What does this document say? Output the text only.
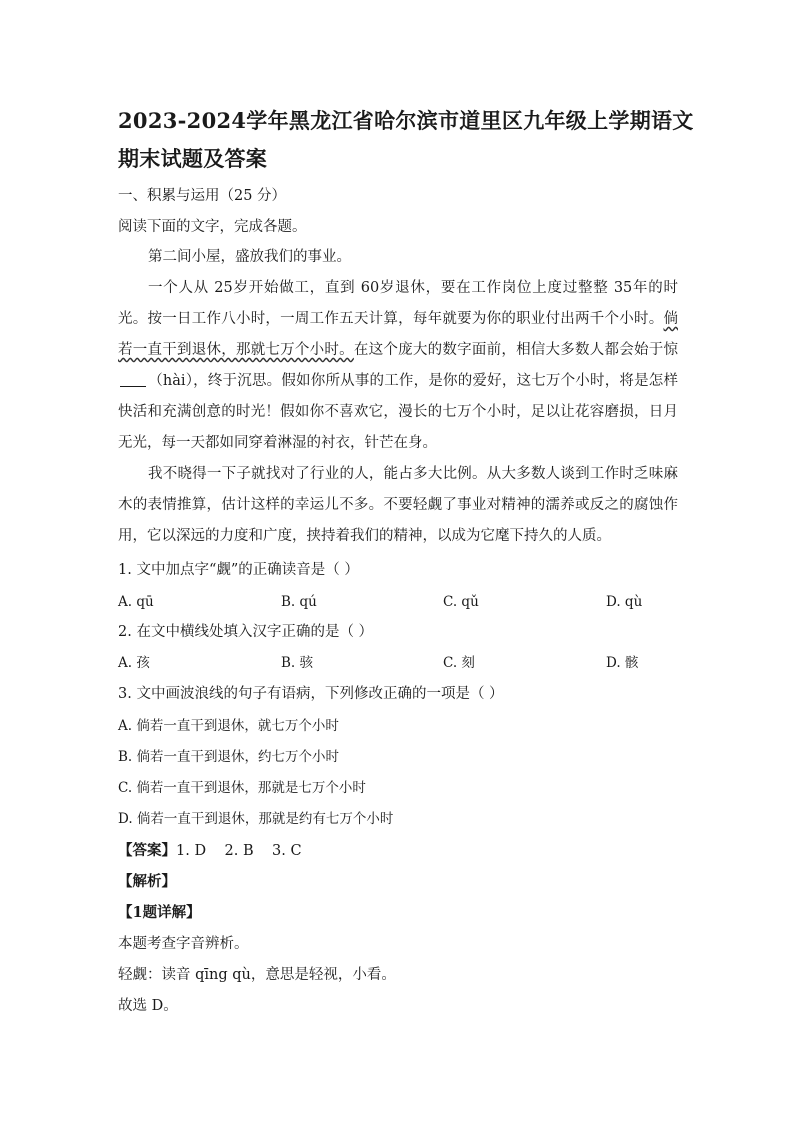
2023-2024学年黑龙江省哈尔滨市道里区九年级上学期语文
期末试题及答案
一、积累与运用（25 分）
阅读下面的文字，完成各题。
第二间小屋，盛放我们的事业。
一个人从 25岁开始做工，直到 60岁退休，要在工作岗位上度过整整 35年的时光。按一日工作八小时，一周工作五天计算，每年就要为你的职业付出两千个小时。倘若一直干到退休，那就七万个小时。在这个庞大的数字面前，相信大多数人都会始于惊（hài），终于沉思。假如你所从事的工作，是你的爱好，这七万个小时，将是怎样快活和充满创意的时光！假如你不喜欢它，漫长的七万个小时，足以让花容磨损，日月无光，每一天都如同穿着淋湿的衬衣，针芒在身。
我不晓得一下子就找对了行业的人，能占多大比例。从大多数人谈到工作时乏味麻木的表情推算，估计这样的幸运儿不多。不要轻觑了事业对精神的濡养或反之的腐蚀作用，它以深远的力度和广度，挟持着我们的精神，以成为它麾下持久的人质。
1. 文中加点字“觑”的正确读音是（ ）
A. qū	B. qú	C. qǔ	D. qù
2. 在文中横线处填入汉字正确的是（ ）
A. 孩	B. 骇	C. 刻	D. 骸
3. 文中画波浪线的句子有语病，下列修改正确的一项是（ ）
A. 倘若一直干到退休，就七万个小时
B. 倘若一直干到退休，约七万个小时
C. 倘若一直干到退休，那就是七万个小时
D. 倘若一直干到退休，那就是约有七万个小时
【答案】1. D    2. B    3. C
【解析】
【1题详解】
本题考查字音辨析。
轻觑：读音 qīng qù，意思是轻视，小看。
故选 D。
